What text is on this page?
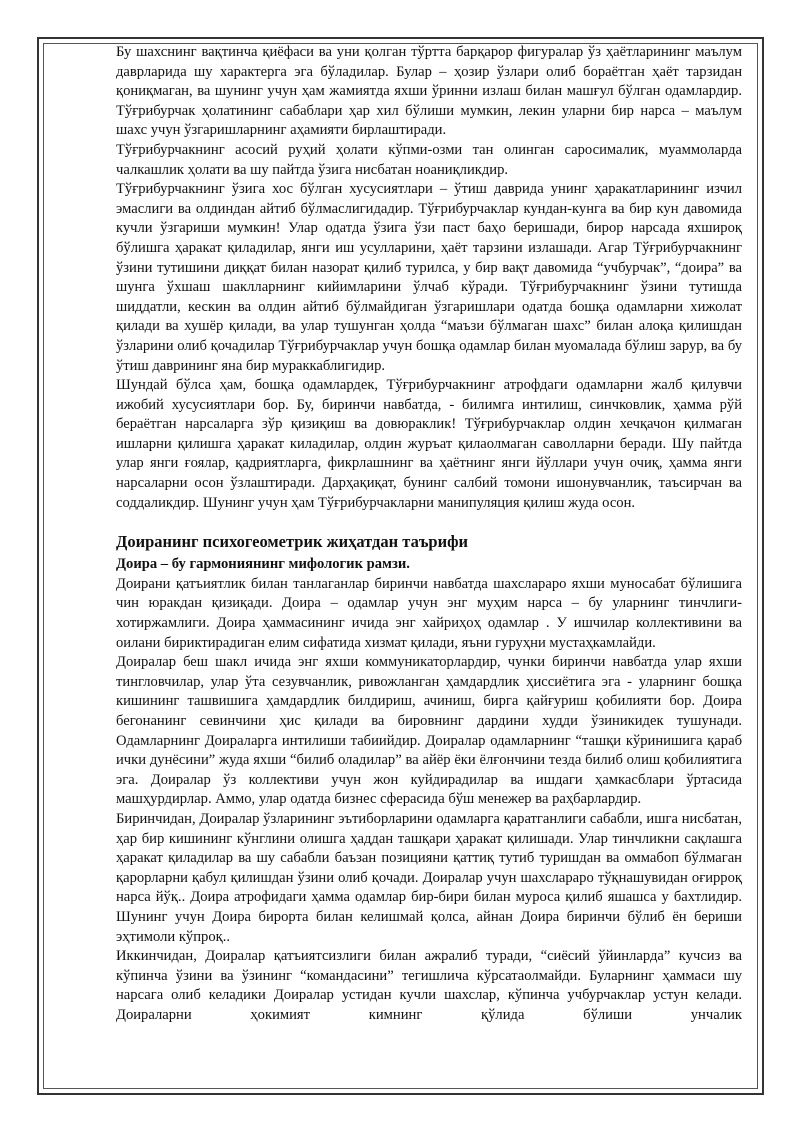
Бу шахснинг вақтинча қиёфаси ва уни қолган тўртта барқарор фигуралар ўз ҳаётларининг маълум даврларида шу характерга эга бўладилар. Булар – ҳозир ўзлари олиб бораётган ҳаёт тарзидан қониқмаган, ва шунинг учун ҳам жамиятда яхши ўринни излаш билан машғул бўлган одамлардир. Тўғрибурчак ҳолатининг сабаблари ҳар хил бўлиши мумкин, лекин уларни бир нарса – маълум шахс учун ўзгаришларнинг аҳамияти бирлаштиради.

Тўғрибурчакнинг асосий руҳий ҳолати кўпми-озми тан олинган саросималик, муаммоларда чалкашлик ҳолати ва шу пайтда ўзига нисбатан ноаниқликдир.

Тўғрибурчакнинг ўзига хос бўлган хусусиятлари – ўтиш даврида унинг ҳаракатларининг изчил эмаслиги ва олдиндан айтиб бўлмаслигидадир. Тўғрибурчаклар кундан-кунга ва бир кун давомида кучли ўзгариши мумкин! Улар одатда ўзига ўзи паст баҳо беришади, бирор нарсада яхшироқ бўлишга ҳаракат қиладилар, янги иш усулларини, ҳаёт тарзини излашади. Агар Тўғрибурчакнинг ўзини тутишини диққат билан назорат қилиб турилса, у бир вақт давомида “учбурчак”, “доира” ва шунга ўхшаш шаклларнинг кийимларини ўлчаб кўради. Тўғрибурчакнинг ўзини тутишда шиддатли, кескин ва олдин айтиб бўлмайдиган ўзгаришлари одатда бошқа одамларни хижолат қилади ва хушёр қилади, ва улар тушунган ҳолда “маъзи бўлмаган шахс” билан алоқа қилишдан ўзларини олиб қочадилар Тўғрибурчаклар учун бошқа одамлар билан муомалада бўлиш зарур, ва бу ўтиш даврининг яна бир мураккаблигидир.

Шундай бўлса ҳам, бошқа одамлардек, Тўғрибурчакнинг атрофдаги одамларни жалб қилувчи ижобий хусусиятлари бор. Бу, биринчи навбатда, - билимга интилиш, синчковлик, ҳамма рўй бераётган нарсаларга зўр қизиқиш ва довюраклик! Тўғрибурчаклар олдин хечқачон қилмаган ишларни қилишга ҳаракат киладилар, олдин журъат қилаолмаган саволларни беради. Шу пайтда улар янги ғоялар, қадриятларга, фикрлашнинг ва ҳаётнинг янги йўллари учун очиқ, ҳамма янги нарсаларни осон ўзлаштиради. Дарҳақиқат, бунинг салбий томони ишонувчанлик, таъсирчан ва соддаликдир. Шунинг учун ҳам Тўғрибурчакларни манипуляция қилиш жуда осон.

Доиранинг психогеометрик жиҳатдан таърифи
Доира – бу гармониянинг мифологик рамзи.

Доирани қатъиятлик билан танлаганлар биринчи навбатда шахслараро яхши муносабат бўлишига чин юракдан қизиқади. Доира – одамлар учун энг муҳим нарса – бу уларнинг тинчлиги-хотиржамлиги. Доира ҳаммасининг ичида энг хайриҳоҳ одамлар . У ишчилар коллективини ва оилани бириктирадиган елим сифатида хизмат қилади, яъни гуруҳни мустаҳкамлайди.

Доиралар беш шакл ичида энг яхши коммуникаторлардир, чунки биринчи навбатда улар яхши тингловчилар, улар ўта сезувчанлик, ривожланган ҳамдардлик ҳиссиётига эга - уларнинг бошқа кишининг ташвишига ҳамдардлик билдириш, ачиниш, бирга қайғуриш қобилияти бор. Доира бегонанинг севинчини ҳис қилади ва бировнинг дардини худди ўзиникидек тушунади. Одамларнинг Доираларга интилиши табиийдир. Доиралар одамларнинг “ташқи кўринишига қараб ички дунёсини” жуда яхши “билиб оладилар” ва айёр ёки ёлғончини тезда билиб олиш қобилиятига эга. Доиралар ўз коллективи учун жон куйдирадилар ва ишдаги ҳамкасблари ўртасида машҳурдирлар. Аммо, улар одатда бизнес сферасида бўш менежер ва раҳбарлардир.

Биринчидан, Доиралар ўзларининг эътиборларини одамларга қаратганлиги сабабли, ишга нисбатан, ҳар бир кишининг кўнглини олишга ҳаддан ташқари ҳаракат қилишади. Улар тинчликни сақлашга ҳаракат қиладилар ва шу сабабли баъзан позицияни қаттиқ тутиб туришдан ва оммабоп бўлмаган қарорларни қабул қилишдан ўзини олиб қочади. Доиралар учун шахслараро тўқнашувидан оғирроқ нарса йўқ.. Доира атрофидаги ҳамма одамлар бир-бири билан муроса қилиб яшашса у бахтлидир. Шунинг учун Доира бирорта билан келишмай қолса, айнан Доира биринчи бўлиб ён бериши эҳтимоли кўпроқ..

Иккинчидан, Доиралар қатъиятсизлиги билан ажралиб туради, “сиёсий ўйинларда” кучсиз ва кўпинча ўзини ва ўзининг “командасини” тегишлича кўрсатаолмайди. Буларнинг ҳаммаси шу нарсага олиб келадики Доиралар устидан кучли шахслар, кўпинча учбурчаклар устун келади. Доираларни ҳокимият кимнинг қўлида бўлиши унчалик
